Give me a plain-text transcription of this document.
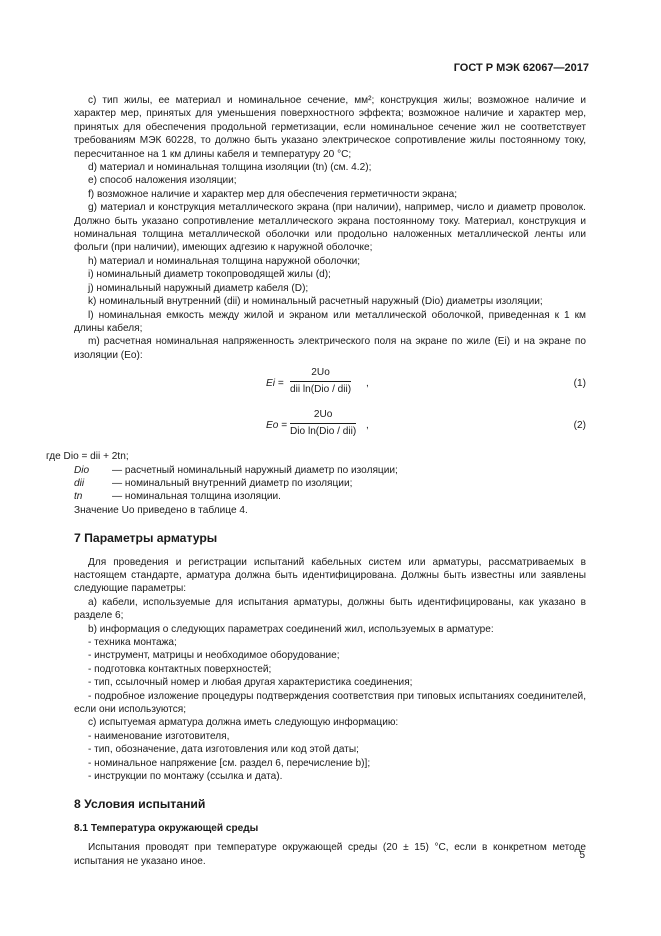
ГОСТ Р МЭК 62067—2017

с) тип жилы, ее материал и номинальное сечение, мм²; конструкция жилы; возможное наличие и характер мер, принятых для уменьшения поверхностного эффекта; возможное наличие и характер мер, принятых для обеспечения продольной герметизации, если номинальное сечение жил не соответствует требованиям МЭК 60228, то должно быть указано электрическое сопротивление жилы постоянному току, пересчитанное на 1 км длины кабеля и температуру 20 °С;

d) материал и номинальная толщина изоляции (tn) (см. 4.2);

е) способ наложения изоляции;

f) возможное наличие и характер мер для обеспечения герметичности экрана;

g) материал и конструкция металлического экрана (при наличии), например, число и диаметр проволок. Должно быть указано сопротивление металлического экрана постоянному току. Материал, конструкция и номинальная толщина металлической оболочки или продольно наложенных металлической ленты или фольги (при наличии), имеющих адгезию к наружной оболочке;

h) материал и номинальная толщина наружной оболочки;

i) номинальный диаметр токопроводящей жилы (d);

j) номинальный наружный диаметр кабеля (D);

k) номинальный внутренний (dii) и номинальный расчетный наружный (Dio) диаметры изоляции;

l) номинальная емкость между жилой и экраном или металлической оболочкой, приведенная к 1 км длины кабеля;

m) расчетная номинальная напряженность электрического поля на экране по жиле (Ei) и на экране по изоляции (Eo):

Ei =
2Uo
dii ln(Dio / dii) ,	(1)
Eo =
2Uo
Dio ln(Dio / dii) ,	(2)

где Dio = dii + 2tn;

Dio	— расчетный номинальный наружный диаметр по изоляции;
dii	— номинальный внутренний диаметр по изоляции;
tn	— номинальная толщина изоляции.

Значение Uo приведено в таблице 4.

7 Параметры арматуры

Для проведения и регистрации испытаний кабельных систем или арматуры, рассматриваемых в настоящем стандарте, арматура должна быть идентифицирована. Должны быть известны или заявлены следующие параметры:

а) кабели, используемые для испытания арматуры, должны быть идентифицированы, как указано в разделе 6;

b) информация о следующих параметрах соединений жил, используемых в арматуре:

- техника монтажа;

- инструмент, матрицы и необходимое оборудование;

- подготовка контактных поверхностей;

- тип, ссылочный номер и любая другая характеристика соединения;

- подробное изложение процедуры подтверждения соответствия при типовых испытаниях соединителей, если они используются;

с) испытуемая арматура должна иметь следующую информацию:

- наименование изготовителя,

- тип, обозначение, дата изготовления или код этой даты;

- номинальное напряжение [см. раздел 6, перечисление b)];

- инструкции по монтажу (ссылка и дата).

8 Условия испытаний
8.1 Температура окружающей среды

Испытания проводят при температуре окружающей среды (20 ± 15) °С, если в конкретном методе испытания не указано иное.

5
